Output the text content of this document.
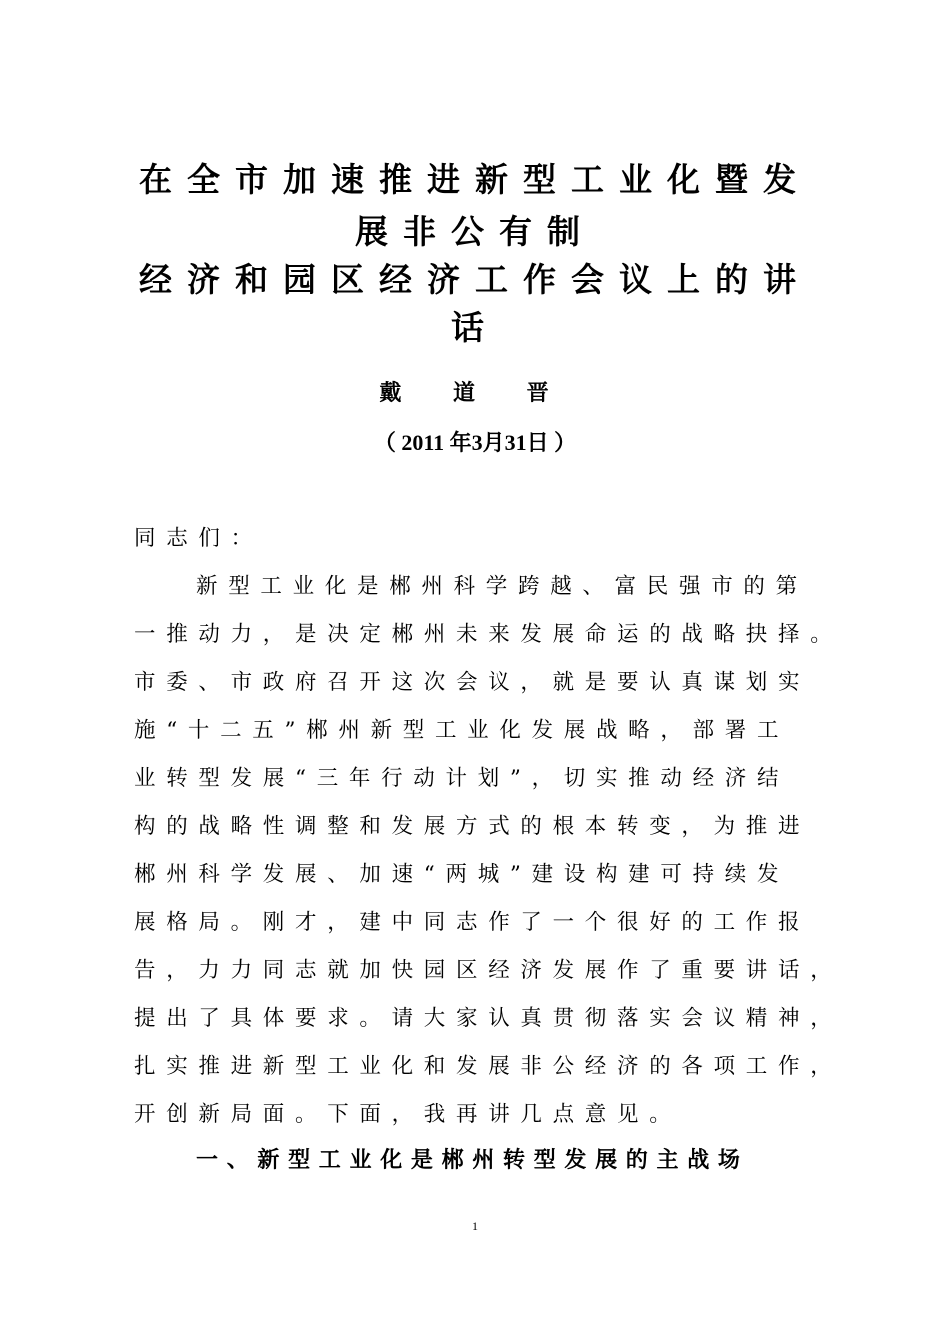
在全市加速推进新型工业化暨发
展非公有制
经济和园区经济工作会议上的讲
话
戴 道 晋
（ 2011 年3月31日 ）
同志们：
新型工业化是郴州科学跨越、富民强市的第
一推动力，是决定郴州未来发展命运的战略抉择。
市委、市政府召开这次会议，就是要认真谋划实
施“十二五”郴州新型工业化发展战略，部署工
业转型发展“三年行动计划”，切实推动经济结
构的战略性调整和发展方式的根本转变，为推进
郴州科学发展、加速“两城”建设构建可持续发
展格局。刚才，建中同志作了一个很好的工作报
告，力力同志就加快园区经济发展作了重要讲话，
提出了具体要求。请大家认真贯彻落实会议精神，
扎实推进新型工业化和发展非公经济的各项工作，
开创新局面。下面，我再讲几点意见。
一、新型工业化是郴州转型发展的主战场
1
